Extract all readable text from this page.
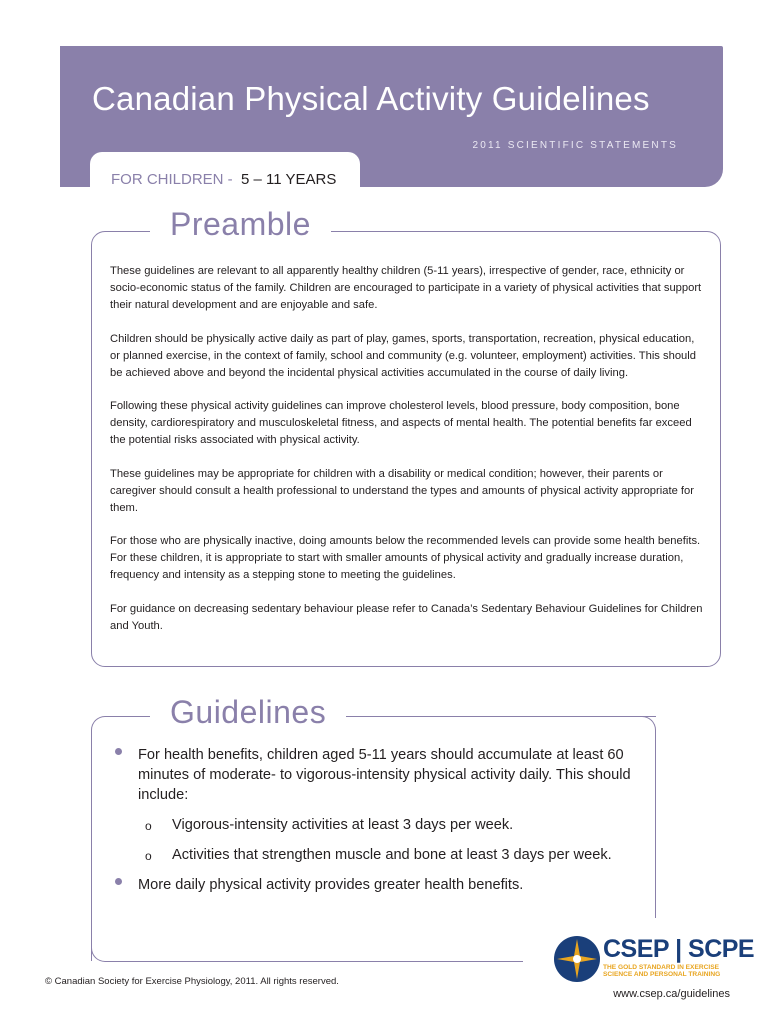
Canadian Physical Activity Guidelines
2011 SCIENTIFIC STATEMENTS
FOR CHILDREN - 5 – 11 YEARS
Preamble

These guidelines are relevant to all apparently healthy children (5-11 years), irrespective of gender, race, ethnicity or socio-economic status of the family. Children are encouraged to participate in a variety of physical activities that support their natural development and are enjoyable and safe.

Children should be physically active daily as part of play, games, sports, transportation, recreation, physical education, or planned exercise, in the context of family, school and community (e.g. volunteer, employment) activities. This should be achieved above and beyond the incidental physical activities accumulated in the course of daily living.

Following these physical activity guidelines can improve cholesterol levels, blood pressure, body composition, bone density, cardiorespiratory and musculoskeletal fitness, and aspects of mental health. The potential benefits far exceed the potential risks associated with physical activity.

These guidelines may be appropriate for children with a disability or medical condition; however, their parents or caregiver should consult a health professional to understand the types and amounts of physical activity appropriate for them.

For those who are physically inactive, doing amounts below the recommended levels can provide some health benefits. For these children, it is appropriate to start with smaller amounts of physical activity and gradually increase duration, frequency and intensity as a stepping stone to meeting the guidelines.

For guidance on decreasing sedentary behaviour please refer to Canada’s Sedentary Behaviour Guidelines for Children and Youth.

Guidelines
For health benefits, children aged 5-11 years should accumulate at least 60 minutes of moderate- to vigorous-intensity physical activity daily. This should include:
o Vigorous-intensity activities at least 3 days per week.
o Activities that strengthen muscle and bone at least 3 days per week.
More daily physical activity provides greater health benefits.
CSEP | SCPE
THE GOLD STANDARD IN EXERCISE
SCIENCE AND PERSONAL TRAINING
© Canadian Society for Exercise Physiology, 2011. All rights reserved.
www.csep.ca/guidelines
